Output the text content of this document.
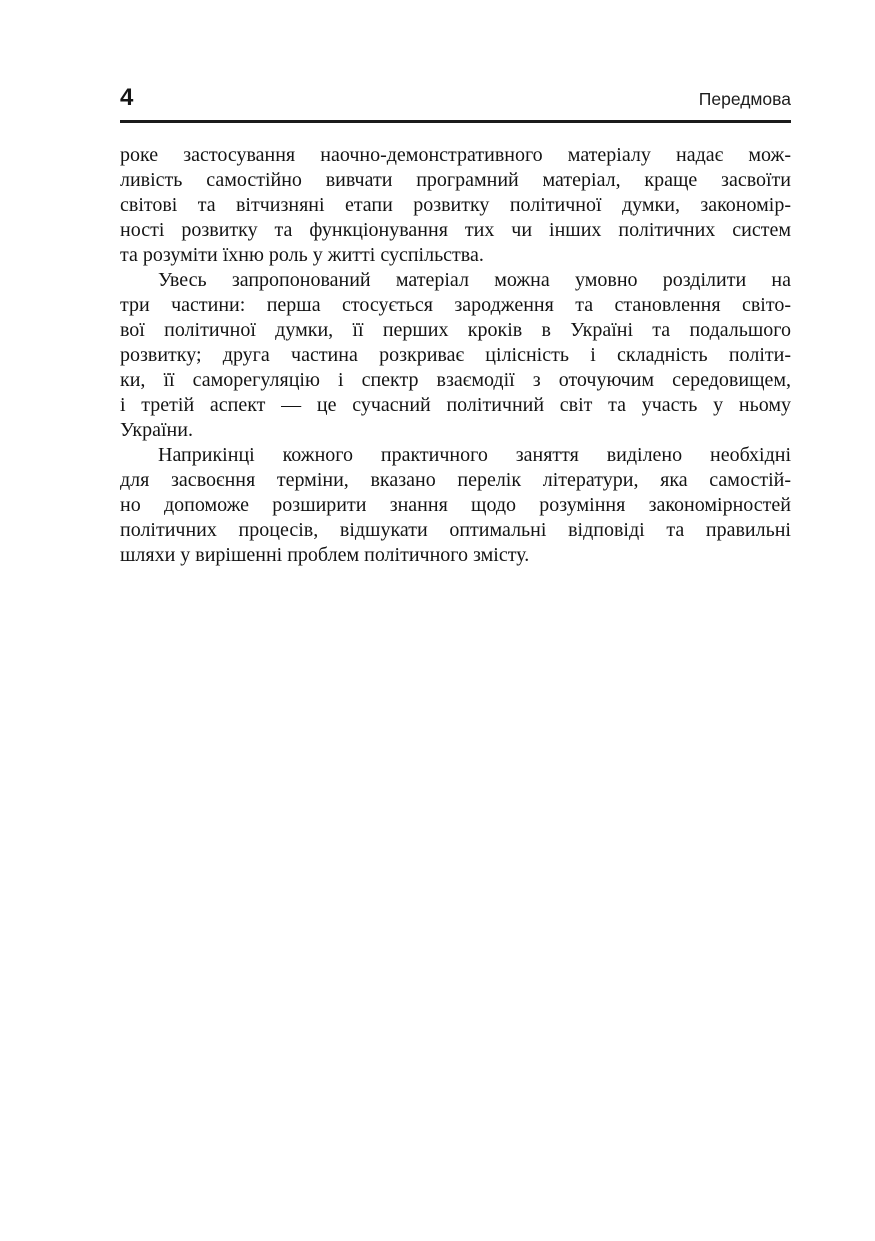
4	Передмова
роке застосування наочно-демонстративного матеріалу надає мож-
ливість самостійно вивчати програмний матеріал, краще засвоїти
світові та вітчизняні етапи розвитку політичної думки, закономір-
ності розвитку та функціонування тих чи інших політичних систем
та розуміти їхню роль у житті суспільства.
Увесь запропонований матеріал можна умовно розділити на
три частини: перша стосується зародження та становлення світо-
вої політичної думки, її перших кроків в Україні та подальшого
розвитку; друга частина розкриває цілісність і складність політи-
ки, її саморегуляцію і спектр взаємодії з оточуючим середовищем,
і третій аспект — це сучасний політичний світ та участь у ньому
України.
Наприкінці кожного практичного заняття виділено необхідні
для засвоєння терміни, вказано перелік літератури, яка самостій-
но допоможе розширити знання щодо розуміння закономірностей
політичних процесів, відшукати оптимальні відповіді та правильні
шляхи у вирішенні проблем політичного змісту.
